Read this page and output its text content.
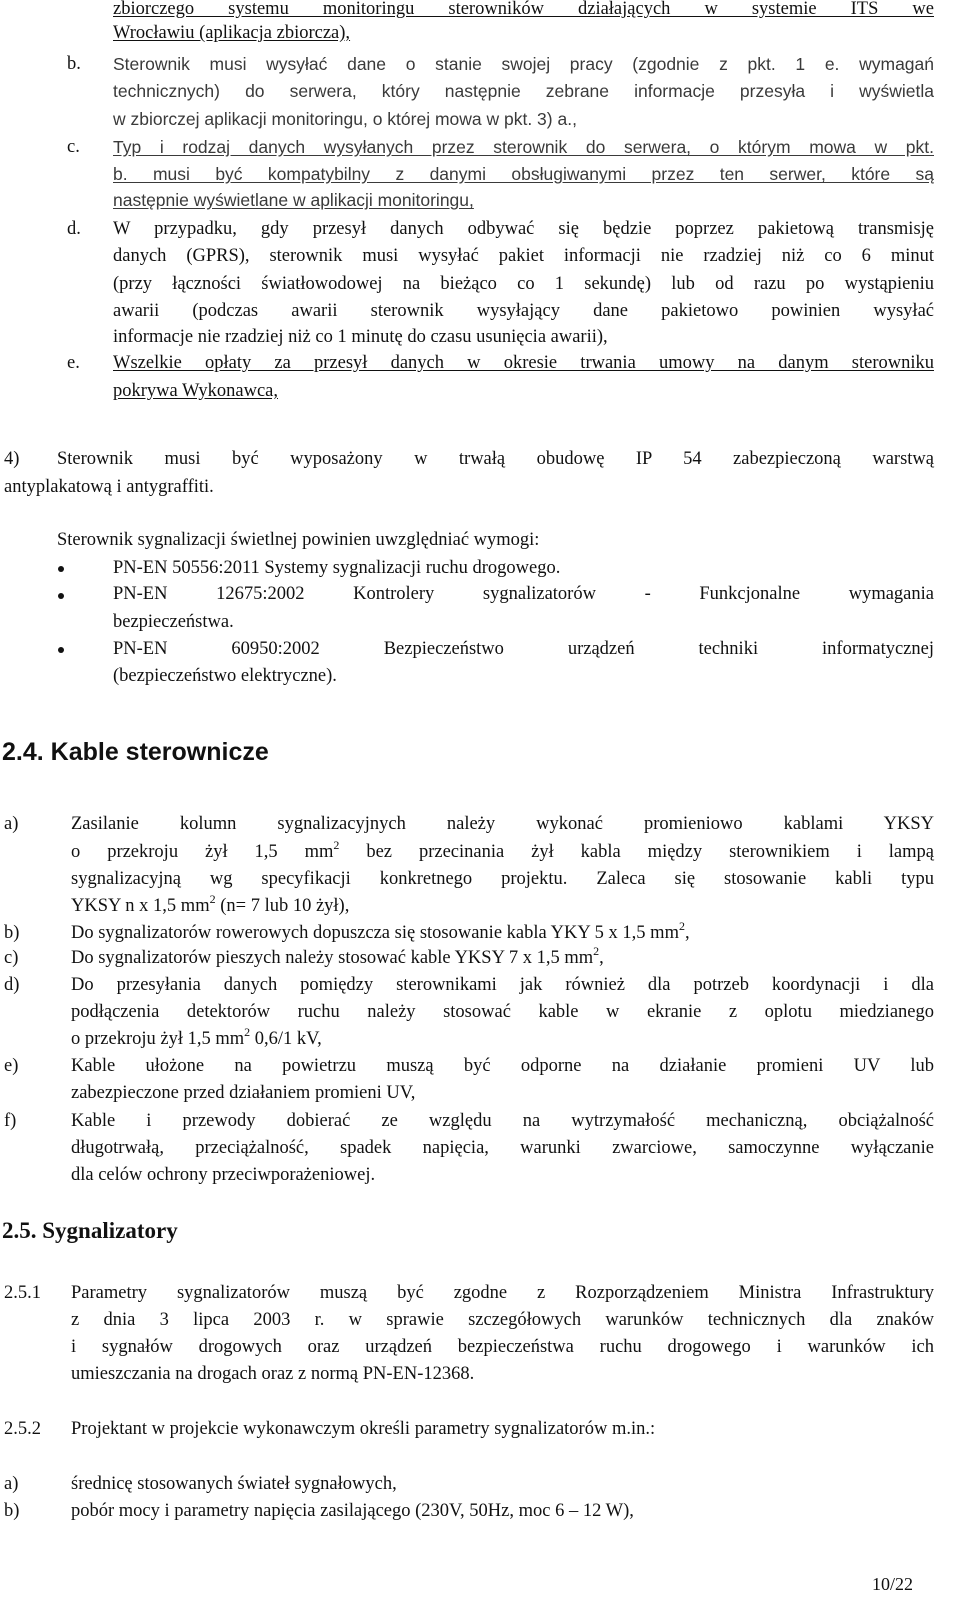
zbiorczego systemu monitoringu sterowników działających w systemie ITS we
Wrocławiu (aplikacja zbiorcza),
b. Sterownik musi wysyłać dane o stanie swojej pracy (zgodnie z pkt. 1 e. wymagań
technicznych) do serwera, który następnie zebrane informacje przesyła i wyświetla
w zbiorczej aplikacji monitoringu, o której mowa w pkt. 3) a.,
c. Typ i rodzaj danych wysyłanych przez sterownik do serwera, o którym mowa w pkt.
b. musi być kompatybilny z danymi obsługiwanymi przez ten serwer, które są
następnie wyświetlane w aplikacji monitoringu,
d. W przypadku, gdy przesył danych odbywać się będzie poprzez pakietową transmisję
danych (GPRS), sterownik musi wysyłać pakiet informacji nie rzadziej niż co 6 minut
(przy łączności światłowodowej na bieżąco co 1 sekundę) lub od razu po wystąpieniu
awarii (podczas awarii sterownik wysyłający dane pakietowo powinien wysyłać
informacje nie rzadziej niż co 1 minutę do czasu usunięcia awarii),
e. Wszelkie opłaty za przesył danych w okresie trwania umowy na danym sterowniku
pokrywa Wykonawca,
4) Sterownik musi być wyposażony w trwałą obudowę IP 54 zabezpieczoną warstwą
antyplakatową i antygraffiti.
Sterownik sygnalizacji świetlnej powinien uwzględniać wymogi:
PN-EN 50556:2011 Systemy sygnalizacji ruchu drogowego.
PN-EN 12675:2002 Kontrolery sygnalizatorów - Funkcjonalne wymagania
bezpieczeństwa.
PN-EN 60950:2002 Bezpieczeństwo urządzeń techniki informatycznej
(bezpieczeństwo elektryczne).
2.4. Kable sterownicze
a)	Zasilanie kolumn sygnalizacyjnych należy wykonać promieniowo kablami YKSY
o przekroju żył 1,5 $mm^2$ bez przecinania żył kabla między sterownikiem i lampą
sygnalizacyjną wg specyfikacji konkretnego projektu. Zaleca się stosowanie kabli typu
YKSY n x 1,5 $mm^2$ (n= 7 lub 10 żył),
b)	Do sygnalizatorów rowerowych dopuszcza się stosowanie kabla YKY 5 x 1,5 $mm^2$,
c)	Do sygnalizatorów pieszych należy stosować kable YKSY 7 x 1,5 $mm^2$,
d)	Do przesyłania danych pomiędzy sterownikami jak również dla potrzeb koordynacji i dla
podłączenia detektorów ruchu należy stosować kable w ekranie z oplotu miedzianego
o przekroju żył 1,5 $mm^2$ 0,6/1 kV,
e)	Kable ułożone na powietrzu muszą być odporne na działanie promieni UV lub
zabezpieczone przed działaniem promieni UV,
f)	Kable i przewody dobierać ze względu na wytrzymałość mechaniczną, obciążalność
długotrwałą, przeciążalność, spadek napięcia, warunki zwarciowe, samoczynne wyłączanie
dla celów ochrony przeciwporażeniowej.
2.5. Sygnalizatory
2.5.1 Parametry sygnalizatorów muszą być zgodne z Rozporządzeniem Ministra Infrastruktury
z dnia 3 lipca 2003 r. w sprawie szczegółowych warunków technicznych dla znaków
i sygnałów drogowych oraz urządzeń bezpieczeństwa ruchu drogowego i warunków ich
umieszczania na drogach oraz z normą PN-EN-12368.
2.5.2 Projektant w projekcie wykonawczym określi parametry sygnalizatorów m.in.:
a)	średnicę stosowanych świateł sygnałowych,
b)	pobór mocy i parametry napięcia zasilającego (230V, 50Hz, moc 6 – 12 W),
10/22
